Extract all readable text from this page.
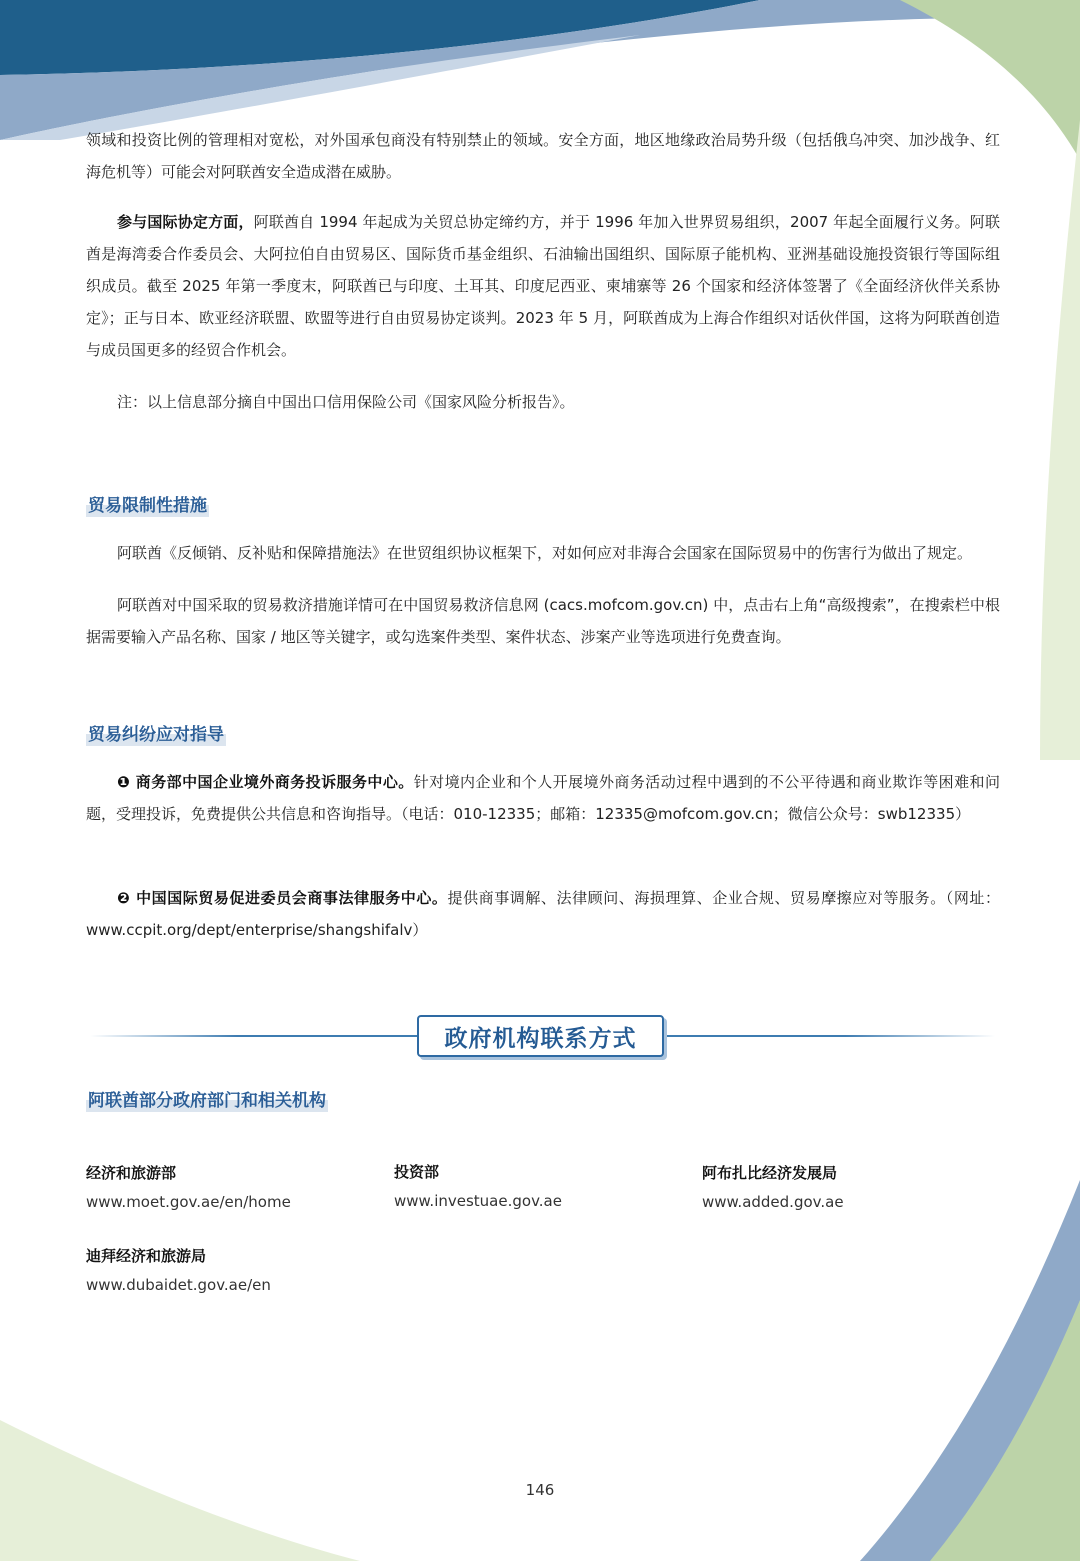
领域和投资比例的管理相对宽松，对外国承包商没有特别禁止的领域。安全方面，地区地缘政治局势升级（包括俄乌冲突、加沙战争、红海危机等）可能会对阿联酋安全造成潜在威胁。

参与国际协定方面，阿联酋自 1994 年起成为关贸总协定缔约方，并于 1996 年加入世界贸易组织，2007 年起全面履行义务。阿联酋是海湾委合作委员会、大阿拉伯自由贸易区、国际货币基金组织、石油输出国组织、国际原子能机构、亚洲基础设施投资银行等国际组织成员。截至 2025 年第一季度末，阿联酋已与印度、土耳其、印度尼西亚、柬埔寨等 26 个国家和经济体签署了《全面经济伙伴关系协定》；正与日本、欧亚经济联盟、欧盟等进行自由贸易协定谈判。2023 年 5 月，阿联酋成为上海合作组织对话伙伴国，这将为阿联酋创造与成员国更多的经贸合作机会。

注：以上信息部分摘自中国出口信用保险公司《国家风险分析报告》。

贸易限制性措施

阿联酋《反倾销、反补贴和保障措施法》在世贸组织协议框架下，对如何应对非海合会国家在国际贸易中的伤害行为做出了规定。

阿联酋对中国采取的贸易救济措施详情可在中国贸易救济信息网 (cacs.mofcom.gov.cn) 中，点击右上角“高级搜索”，在搜索栏中根据需要输入产品名称、国家 / 地区等关键字，或勾选案件类型、案件状态、涉案产业等选项进行免费查询。

贸易纠纷应对指导

❶ 商务部中国企业境外商务投诉服务中心。针对境内企业和个人开展境外商务活动过程中遇到的不公平待遇和商业欺诈等困难和问题，受理投诉，免费提供公共信息和咨询指导。（电话：010-12335；邮箱：12335@mofcom.gov.cn；微信公众号：swb12335）

❷ 中国国际贸易促进委员会商事法律服务中心。提供商事调解、法律顾问、海损理算、企业合规、贸易摩擦应对等服务。（网址：www.ccpit.org/dept/enterprise/shangshifalv）

政府机构联系方式
阿联酋部分政府部门和相关机构

经济和旅游部

www.moet.gov.ae/en/home

投资部

www.investuae.gov.ae

阿布扎比经济发展局

www.added.gov.ae

迪拜经济和旅游局

www.dubaidet.gov.ae/en

146
